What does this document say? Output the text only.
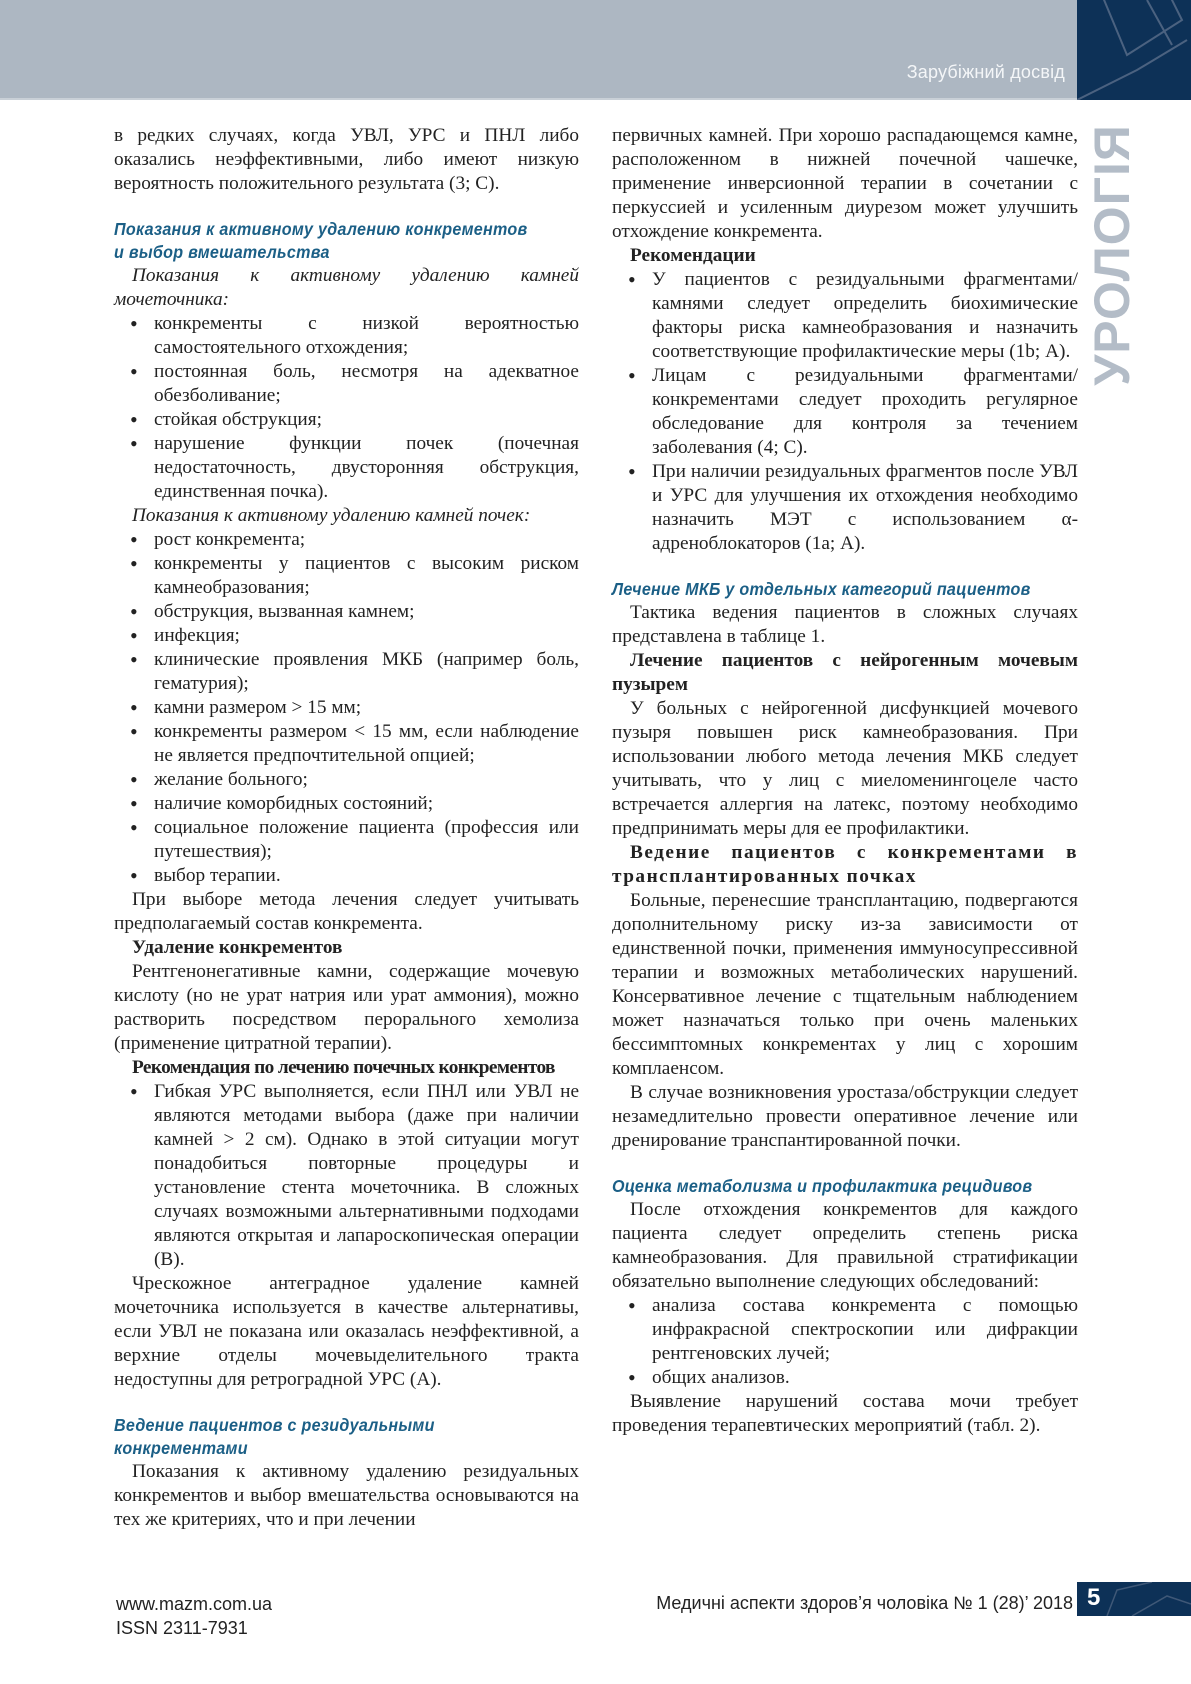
Зарубіжний досвід
УРОЛОГІЯ

в редких случаях, когда УВЛ, УРС и ПНЛ либо оказались неэффективными, либо имеют низкую вероятность положительного результата (3; С).

Показания к активному удалению конкрементов и выбор вмешательства

Показания к активному удалению камней мочеточника:

• конкременты с низкой вероятностью самостоятельного отхождения;
• постоянная боль, несмотря на адекватное обезболивание;
• стойкая обструкция;
• нарушение функции почек (почечная недостаточность, двусторонняя обструкция, единственная почка).

Показания к активному удалению камней почек:

• рост конкремента;
• конкременты у пациентов с высоким риском камнеобразования;
• обструкция, вызванная камнем;
• инфекция;
• клинические проявления МКБ (например боль, гематурия);
• камни размером > 15 мм;
• конкременты размером < 15 мм, если наблюдение не является предпочтительной опцией;
• желание больного;
• наличие коморбидных состояний;
• социальное положение пациента (профессия или путешествия);
• выбор терапии.

При выборе метода лечения следует учитывать предполагаемый состав конкремента.

Удаление конкрементов

Рентгенонегативные камни, содержащие мочевую кислоту (но не урат натрия или урат аммония), можно растворить посредством перорального хемолиза (применение цитратной терапии).

Рекомендация по лечению почечных конкрементов

• Гибкая УРС выполняется, если ПНЛ или УВЛ не являются методами выбора (даже при наличии камней > 2 см). Однако в этой ситуации могут понадобиться повторные процедуры и установление стента мочеточника. В сложных случаях возможными альтернативными подходами являются открытая и лапароскопическая операции (В).

Чрескожное антеградное удаление камней мочеточника используется в качестве альтернативы, если УВЛ не показана или оказалась неэффективной, а верхние отделы мочевыделительного тракта недоступны для ретроградной УРС (А).

Ведение пациентов с резидуальными конкрементами

Показания к активному удалению резидуальных конкрементов и выбор вмешательства основываются на тех же критериях, что и при лечении

первичных камней. При хорошо распадающемся камне, расположенном в нижней почечной чашечке, применение инверсионной терапии в сочетании с перкуссией и усиленным диурезом может улучшить отхождение конкремента.

Рекомендации

• У пациентов с резидуальными фрагментами/камнями следует определить биохимические факторы риска камнеобразования и назначить соответствующие профилактические меры (1b; А).
• Лицам с резидуальными фрагментами/конкрементами следует проходить регулярное обследование для контроля за течением заболевания (4; С).
• При наличии резидуальных фрагментов после УВЛ и УРС для улучшения их отхождения необходимо назначить МЭТ с использованием α-адреноблокаторов (1a; А).

Лечение МКБ у отдельных категорий пациентов

Тактика ведения пациентов в сложных случаях представлена в таблице 1.

Лечение пациентов с нейрогенным мочевым пузырем

У больных с нейрогенной дисфункцией мочевого пузыря повышен риск камнеобразования. При использовании любого метода лечения МКБ следует учитывать, что у лиц с миеломенингоцеле часто встречается аллергия на латекс, поэтому необходимо предпринимать меры для ее профилактики.

Ведение пациентов с конкрементами в трансплантированных почках

Больные, перенесшие трансплантацию, подвергаются дополнительному риску из-за зависимости от единственной почки, применения иммуносупрессивной терапии и возможных метаболических нарушений. Консервативное лечение с тщательным наблюдением может назначаться только при очень маленьких бессимптомных конкрементах у лиц с хорошим комплаенсом.

В случае возникновения уростаза/обструкции следует незамедлительно провести оперативное лечение или дренирование транспантированной почки.

Оценка метаболизма и профилактика рецидивов

После отхождения конкрементов для каждого пациента следует определить степень риска камнеобразования. Для правильной стратификации обязательно выполнение следующих обследований:

• анализа состава конкремента с помощью инфракрасной спектроскопии или дифракции рентгеновских лучей;
• общих анализов.

Выявление нарушений состава мочи требует проведения терапевтических мероприятий (табл. 2).

www.mazm.com.ua
ISSN 2311-7931
Медичні аспекти здоров’я чоловіка № 1 (28)’ 2018 5
